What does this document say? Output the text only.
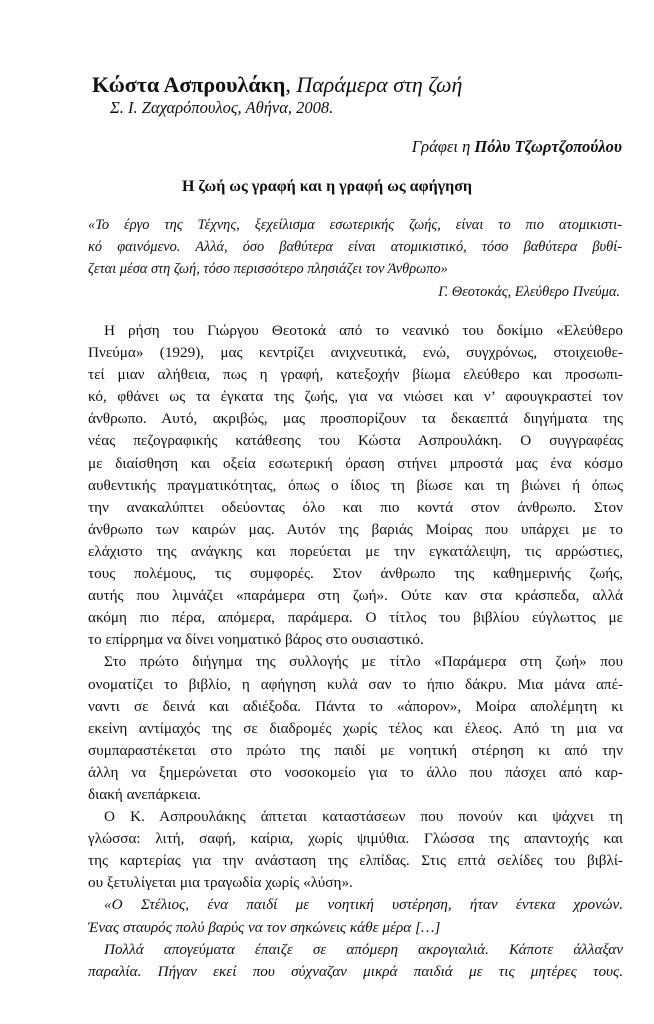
Κώστα Ασπρουλάκη, Παράμερα στη ζωή
Σ. Ι. Ζαχαρόπουλος, Αθήνα, 2008.
Γράφει η Πόλυ Τζωρτζοπούλου
Η ζωή ως γραφή και η γραφή ως αφήγηση
«Το έργο της Τέχνης, ξεχείλισμα εσωτερικής ζωής, είναι το πιο ατομικιστι-
κό φαινόμενο. Αλλά, όσο βαθύτερα είναι ατομικιστικό, τόσο βαθύτερα βυθί-
ζεται μέσα στη ζωή, τόσο περισσότερο πλησιάζει τον Άνθρωπο»
Γ. Θεοτοκάς, Ελεύθερο Πνεύμα.
Η ρήση του Γιώργου Θεοτοκά από το νεανικό του δοκίμιο «Ελεύθερο
Πνεύμα» (1929), μας κεντρίζει ανιχνευτικά, ενώ, συγχρόνως, στοιχειοθε-
τεί μιαν αλήθεια, πως η γραφή, κατεξοχήν βίωμα ελεύθερο και προσωπι-
κό, φθάνει ως τα έγκατα της ζωής, για να νιώσει και ν’ αφουγκραστεί τον
άνθρωπο. Αυτό, ακριβώς, μας προσπορίζουν τα δεκαεπτά διηγήματα της
νέας πεζογραφικής κατάθεσης του Κώστα Ασπρουλάκη. Ο συγγραφέας
με διαίσθηση και οξεία εσωτερική όραση στήνει μπροστά μας ένα κόσμο
αυθεντικής πραγματικότητας, όπως ο ίδιος τη βίωσε και τη βιώνει ή όπως
την ανακαλύπτει οδεύοντας όλο και πιο κοντά στον άνθρωπο. Στον
άνθρωπο των καιρών μας. Αυτόν της βαριάς Μοίρας που υπάρχει με το
ελάχιστο της ανάγκης και πορεύεται με την εγκατάλειψη, τις αρρώστιες,
τους πολέμους, τις συμφορές. Στον άνθρωπο της καθημερινής ζωής,
αυτής που λιμνάζει «παράμερα στη ζωή». Ούτε καν στα κράσπεδα, αλλά
ακόμη πιο πέρα, απόμερα, παράμερα. Ο τίτλος του βιβλίου εύγλωττος με
το επίρρημα να δίνει νοηματικό βάρος στο ουσιαστικό.
Στο πρώτο διήγημα της συλλογής με τίτλο «Παράμερα στη ζωή» που
ονοματίζει το βιβλίο, η αφήγηση κυλά σαν το ήπιο δάκρυ. Μια μάνα απέ-
ναντι σε δεινά και αδιέξοδα. Πάντα το «άπορον», Μοίρα απολέμητη κι
εκείνη αντίμαχός της σε διαδρομές χωρίς τέλος και έλεος. Από τη μια να
συμπαραστέκεται στο πρώτο της παιδί με νοητική στέρηση κι από την
άλλη να ξημερώνεται στο νοσοκομείο για το άλλο που πάσχει από καρ-
διακή ανεπάρκεια.
Ο Κ. Ασπρουλάκης άπτεται καταστάσεων που πονούν και ψάχνει τη
γλώσσα: λιτή, σαφή, καίρια, χωρίς ψιμύθια. Γλώσσα της απαντοχής και
της καρτερίας για την ανάσταση της ελπίδας. Στις επτά σελίδες του βιβλί-
ου ξετυλίγεται μια τραγωδία χωρίς «λύση».
«Ο Στέλιος, ένα παιδί με νοητική υστέρηση, ήταν έντεκα χρονών.
Ένας σταυρός πολύ βαρύς να τον σηκώνεις κάθε μέρα […]
Πολλά απογεύματα έπαιζε σε απόμερη ακρογιαλιά. Κάποτε άλλαξαν
παραλία. Πήγαν εκεί που σύχναζαν μικρά παιδιά με τις μητέρες τους.
